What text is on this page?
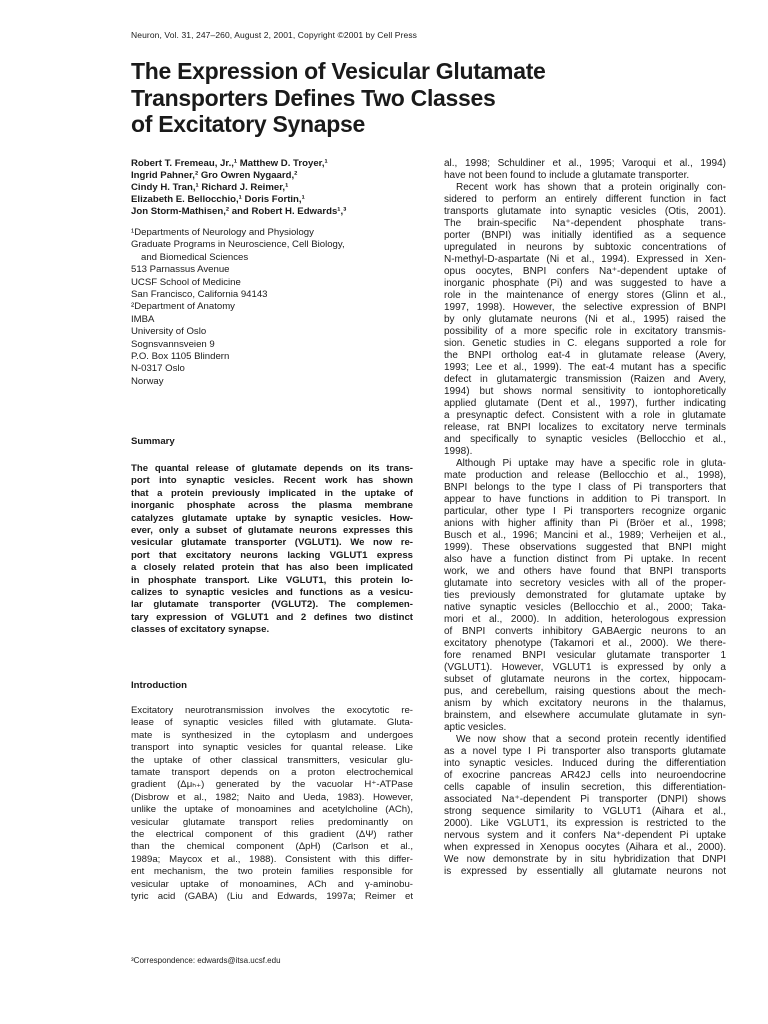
Neuron, Vol. 31, 247–260, August 2, 2001, Copyright ©2001 by Cell Press
The Expression of Vesicular Glutamate
Transporters Defines Two Classes
of Excitatory Synapse
Robert T. Fremeau, Jr.,¹ Matthew D. Troyer,¹
Ingrid Pahner,² Gro Owren Nygaard,²
Cindy H. Tran,¹ Richard J. Reimer,¹
Elizabeth E. Bellocchio,¹ Doris Fortin,¹
Jon Storm-Mathisen,² and Robert H. Edwards¹,³
¹Departments of Neurology and Physiology
Graduate Programs in Neuroscience, Cell Biology,
and Biomedical Sciences
513 Parnassus Avenue
UCSF School of Medicine
San Francisco, California 94143
²Department of Anatomy
IMBA
University of Oslo
Sognsvannsveien 9
P.O. Box 1105 Blindern
N-0317 Oslo
Norway
Summary
The quantal release of glutamate depends on its trans-
port into synaptic vesicles. Recent work has shown
that a protein previously implicated in the uptake of
inorganic phosphate across the plasma membrane
catalyzes glutamate uptake by synaptic vesicles. How-
ever, only a subset of glutamate neurons expresses this
vesicular glutamate transporter (VGLUT1). We now re-
port that excitatory neurons lacking VGLUT1 express
a closely related protein that has also been implicated
in phosphate transport. Like VGLUT1, this protein lo-
calizes to synaptic vesicles and functions as a vesicu-
lar glutamate transporter (VGLUT2). The complemen-
tary expression of VGLUT1 and 2 defines two distinct
classes of excitatory synapse.
Introduction
Excitatory neurotransmission involves the exocytotic re-
lease of synaptic vesicles filled with glutamate. Gluta-
mate is synthesized in the cytoplasm and undergoes
transport into synaptic vesicles for quantal release. Like
the uptake of other classical transmitters, vesicular glu-
tamate transport depends on a proton electrochemical
gradient (Δμₕ₊) generated by the vacuolar H⁺-ATPase
(Disbrow et al., 1982; Naito and Ueda, 1983). However,
unlike the uptake of monoamines and acetylcholine (ACh),
vesicular glutamate transport relies predominantly on
the electrical component of this gradient (ΔΨ) rather
than the chemical component (ΔpH) (Carlson et al.,
1989a; Maycox et al., 1988). Consistent with this differ-
ent mechanism, the two protein families responsible for
vesicular uptake of monoamines, ACh and γ-aminobu-
tyric acid (GABA) (Liu and Edwards, 1997a; Reimer et
al., 1998; Schuldiner et al., 1995; Varoqui et al., 1994)
have not been found to include a glutamate transporter.
Recent work has shown that a protein originally con-
sidered to perform an entirely different function in fact
transports glutamate into synaptic vesicles (Otis, 2001).
The brain-specific Na⁺-dependent phosphate trans-
porter (BNPI) was initially identified as a sequence
upregulated in neurons by subtoxic concentrations of
N-methyl-D-aspartate (Ni et al., 1994). Expressed in Xen-
opus oocytes, BNPI confers Na⁺-dependent uptake of
inorganic phosphate (Pi) and was suggested to have a
role in the maintenance of energy stores (Glinn et al.,
1997, 1998). However, the selective expression of BNPI
by only glutamate neurons (Ni et al., 1995) raised the
possibility of a more specific role in excitatory transmis-
sion. Genetic studies in C. elegans supported a role for
the BNPI ortholog eat-4 in glutamate release (Avery,
1993; Lee et al., 1999). The eat-4 mutant has a specific
defect in glutamatergic transmission (Raizen and Avery,
1994) but shows normal sensitivity to iontophoretically
applied glutamate (Dent et al., 1997), further indicating
a presynaptic defect. Consistent with a role in glutamate
release, rat BNPI localizes to excitatory nerve terminals
and specifically to synaptic vesicles (Bellocchio et al.,
1998).
Although Pi uptake may have a specific role in gluta-
mate production and release (Bellocchio et al., 1998),
BNPI belongs to the type I class of Pi transporters that
appear to have functions in addition to Pi transport. In
particular, other type I Pi transporters recognize organic
anions with higher affinity than Pi (Bröer et al., 1998;
Busch et al., 1996; Mancini et al., 1989; Verheijen et al.,
1999). These observations suggested that BNPI might
also have a function distinct from Pi uptake. In recent
work, we and others have found that BNPI transports
glutamate into secretory vesicles with all of the proper-
ties previously demonstrated for glutamate uptake by
native synaptic vesicles (Bellocchio et al., 2000; Taka-
mori et al., 2000). In addition, heterologous expression
of BNPI converts inhibitory GABAergic neurons to an
excitatory phenotype (Takamori et al., 2000). We there-
fore renamed BNPI vesicular glutamate transporter 1
(VGLUT1). However, VGLUT1 is expressed by only a
subset of glutamate neurons in the cortex, hippocam-
pus, and cerebellum, raising questions about the mech-
anism by which excitatory neurons in the thalamus,
brainstem, and elsewhere accumulate glutamate in syn-
aptic vesicles.
We now show that a second protein recently identified
as a novel type I Pi transporter also transports glutamate
into synaptic vesicles. Induced during the differentiation
of exocrine pancreas AR42J cells into neuroendocrine
cells capable of insulin secretion, this differentiation-
associated Na⁺-dependent Pi transporter (DNPI) shows
strong sequence similarity to VGLUT1 (Aihara et al.,
2000). Like VGLUT1, its expression is restricted to the
nervous system and it confers Na⁺-dependent Pi uptake
when expressed in Xenopus oocytes (Aihara et al., 2000).
We now demonstrate by in situ hybridization that DNPI
is expressed by essentially all glutamate neurons not
³Correspondence: edwards@itsa.ucsf.edu
